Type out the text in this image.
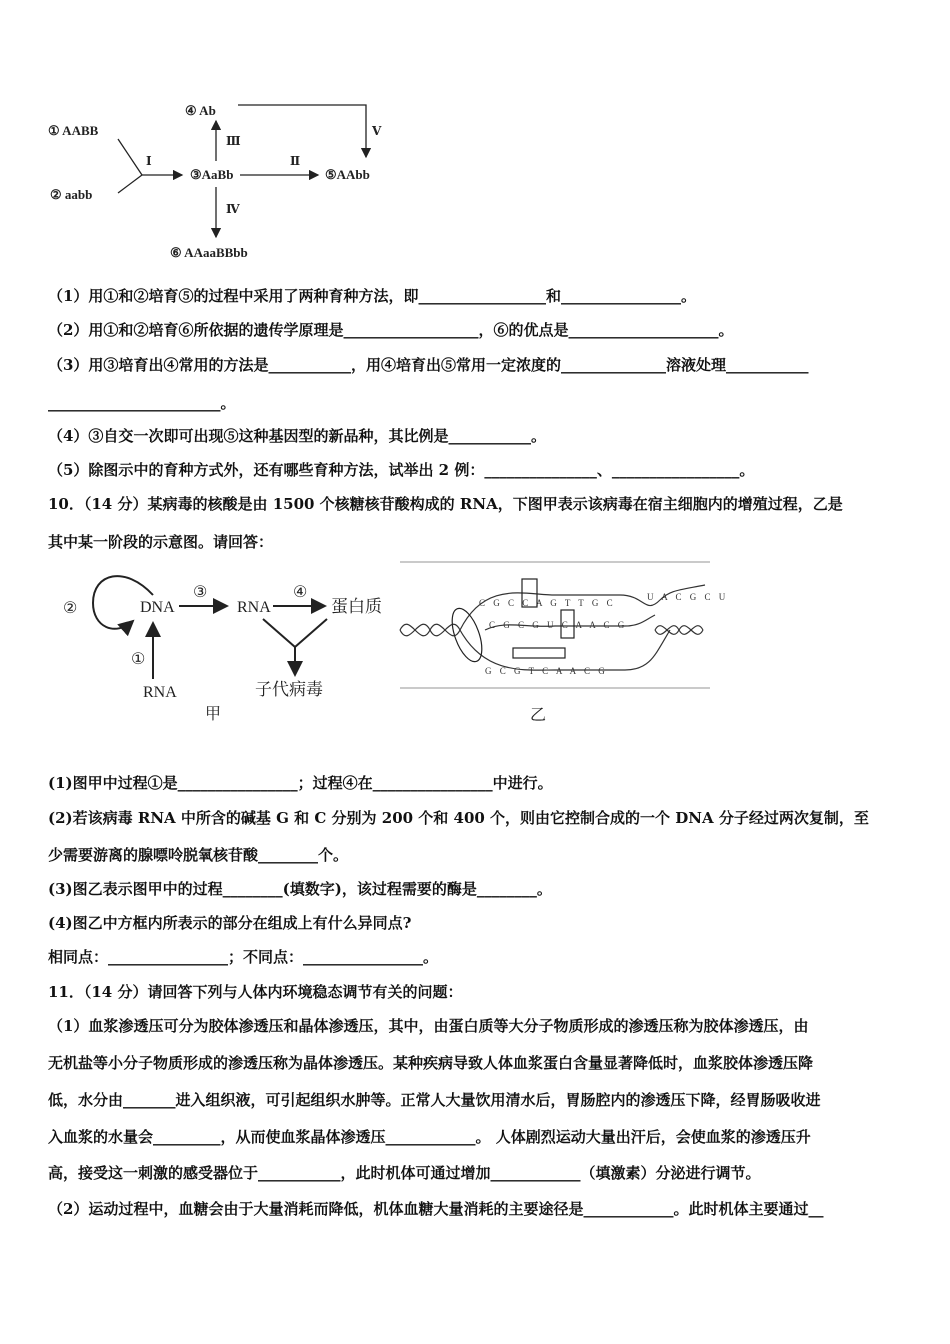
① AABB
② aabb
③AaBb
④ Ab
⑤AAbb
⑥ AAaaBBbb
Ⅰ	Ⅱ
Ⅲ
Ⅳ
Ⅴ
（1）用①和②培育⑤的过程中采用了两种育种方法，即_________________和________________。
（2）用①和②培育⑥所依据的遗传学原理是__________________，⑥的优点是____________________。
（3）用③培育出④常用的方法是___________，用④培育出⑤常用一定浓度的______________溶液处理___________
_______________________。
（4）③自交一次即可出现⑤这种基因型的新品种，其比例是___________。
（5）除图示中的育种方式外，还有哪些育种方法，试举出 2 例：_______________、_________________。
10．（14 分）某病毒的核酸是由 1500 个核糖核苷酸构成的 RNA，下图甲表示该病毒在宿主细胞内的增殖过程，乙是
其中某一阶段的示意图。请回答：
DNA	RNA	蛋白质
RNA	子代病毒
①
②
③	④
甲
C G C C A G T T G C
C G C G U C A A C G
G C G T C A A C G
U A C G C U
乙
(1)图甲中过程①是________________；过程④在________________中进行。
(2)若该病毒 RNA 中所含的碱基 G 和 C 分别为 200 个和 400 个，则由它控制合成的一个 DNA 分子经过两次复制，至
少需要游离的腺嘌呤脱氧核苷酸________个。
(3)图乙表示图甲中的过程________(填数字)，该过程需要的酶是________。
(4)图乙中方框内所表示的部分在组成上有什么异同点?
相同点：________________；不同点：________________。
11．（14 分）请回答下列与人体内环境稳态调节有关的问题：
（1）血浆渗透压可分为胶体渗透压和晶体渗透压，其中，由蛋白质等大分子物质形成的渗透压称为胶体渗透压，由
无机盐等小分子物质形成的渗透压称为晶体渗透压。某种疾病导致人体血浆蛋白含量显著降低时，血浆胶体渗透压降
低，水分由_______进入组织液，可引起组织水肿等。正常人大量饮用清水后，胃肠腔内的渗透压下降，经胃肠吸收进
入血浆的水量会_________，从而使血浆晶体渗透压____________。 人体剧烈运动大量出汗后，会使血浆的渗透压升
高，接受这一刺激的感受器位于___________，此时机体可通过增加____________（填激素）分泌进行调节。
（2）运动过程中，血糖会由于大量消耗而降低，机体血糖大量消耗的主要途径是____________。此时机体主要通过__
